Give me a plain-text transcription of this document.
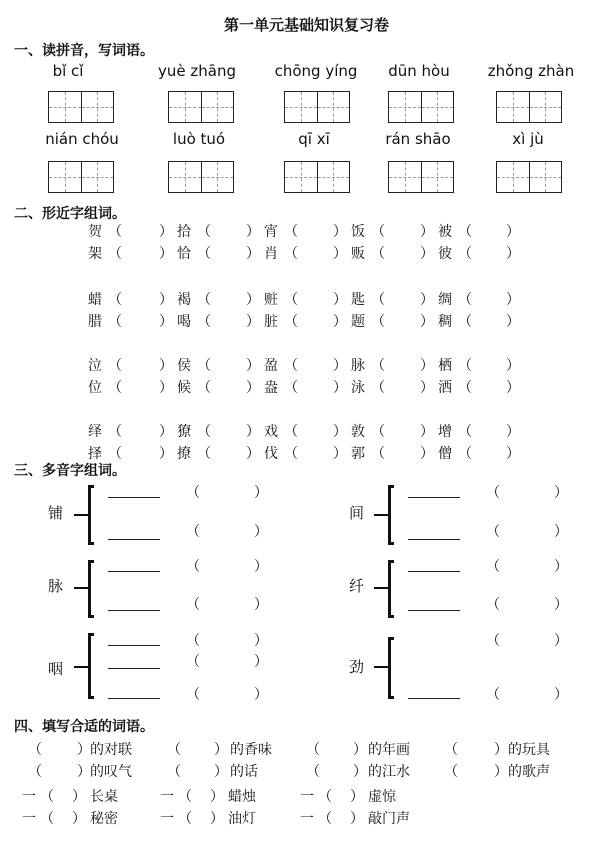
第一单元基础知识复习卷
一、读拼音，写词语。
bǐ cǐ	yuè zhāng	chōng yíng	dūn hòu	zhǒng zhàn
nián chóu	luò tuó	qī xī	rán shāo	xì jù
二、形近字组词。
贺 （	） 拾 （	） 宵 （	） 饭 （	） 被 （ ）
架 （	） 恰 （	） 肖 （	） 贩 （	） 彼 （ ）
蜡 （	） 褐 （	） 赃 （	） 匙 （	） 绸 （ ）
腊 （	） 喝 （	） 脏 （	） 题 （	） 稠 （ ）
泣 （	） 侯 （	） 盈 （	） 脉 （	） 栖 （ ）
位 （	） 候 （	） 盎 （	） 泳 （	） 洒 （ ）
绎 （	） 獠 （	） 戏 （	） 敦 （	） 增 （ ）
择 （	） 撩 （	） 伐 （	） 郭 （	） 僧 （ ）
三、多音字组词。
铺
（	）
（	）
间
（	）
（	）
脉
（	）
（	）
纤
（	）
（	）
咽
（	）
（	）
（	）
劲
（	）
（	）
四、填写合适的词语。
（	） 的对联	（ ） 的香味 （ ） 的年画 （	） 的玩具
（	） 的叹气	（ ） 的话	（ ） 的江水 （	） 的歌声
一 （ ） 长桌	一 （ ） 蜡烛	一 （ ） 虚惊
一 （ ） 秘密	一 （ ） 油灯	一 （ ） 敲门声
